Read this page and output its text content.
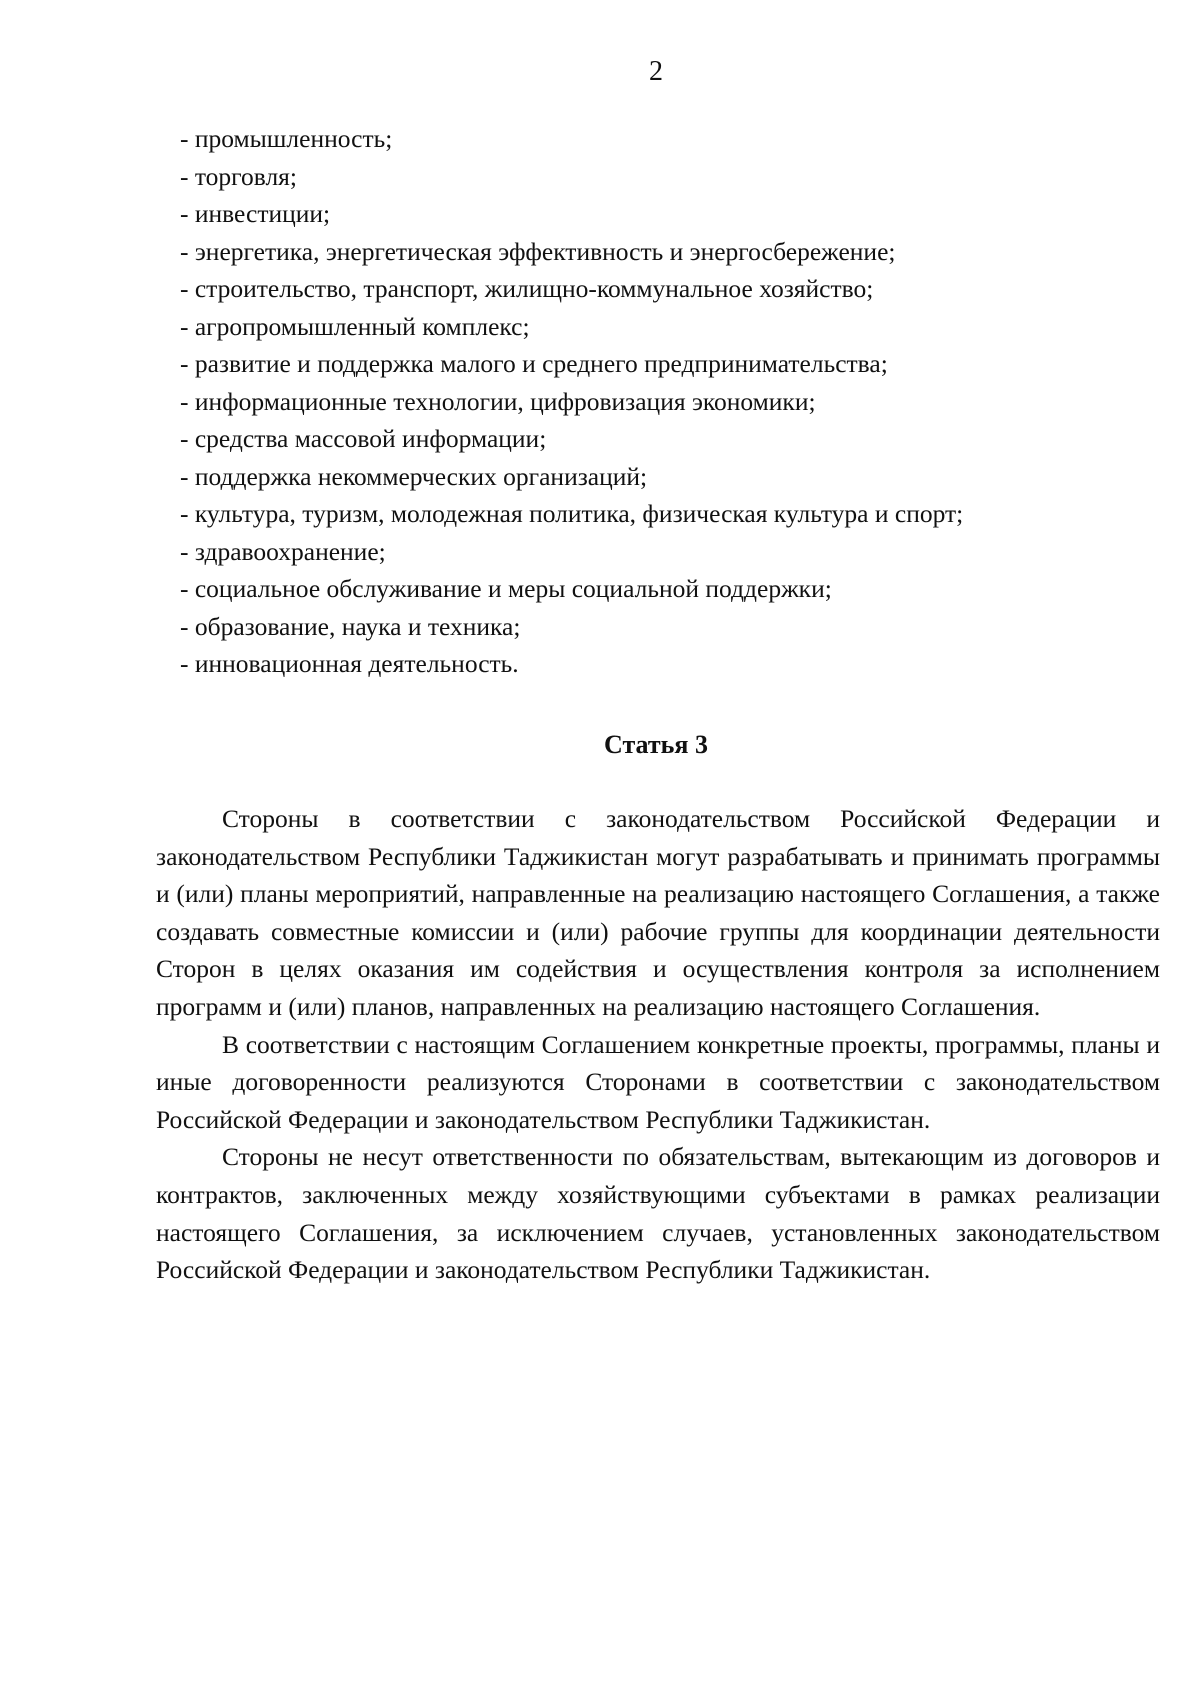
2
- промышленность;
- торговля;
- инвестиции;
- энергетика, энергетическая эффективность и энергосбережение;
- строительство, транспорт, жилищно-коммунальное хозяйство;
- агропромышленный комплекс;
- развитие и поддержка малого и среднего предпринимательства;
- информационные технологии, цифровизация экономики;
- средства массовой информации;
- поддержка некоммерческих организаций;
- культура, туризм, молодежная политика, физическая культура и спорт;
- здравоохранение;
- социальное обслуживание и меры социальной поддержки;
- образование, наука и техника;
- инновационная деятельность.
Статья 3

Стороны в соответствии с законодательством Российской Федерации и законодательством Республики Таджикистан могут разрабатывать и принимать программы и (или) планы мероприятий, направленные на реализацию настоящего Соглашения, а также создавать совместные комиссии и (или) рабочие группы для координации деятельности Сторон в целях оказания им содействия и осуществления контроля за исполнением программ и (или) планов, направленных на реализацию настоящего Соглашения.

В соответствии с настоящим Соглашением конкретные проекты, программы, планы и иные договоренности реализуются Сторонами в соответствии с законодательством Российской Федерации и законодательством Республики Таджикистан.

Стороны не несут ответственности по обязательствам, вытекающим из договоров и контрактов, заключенных между хозяйствующими субъектами в рамках реализации настоящего Соглашения, за исключением случаев, установленных законодательством Российской Федерации и законодательством Республики Таджикистан.
